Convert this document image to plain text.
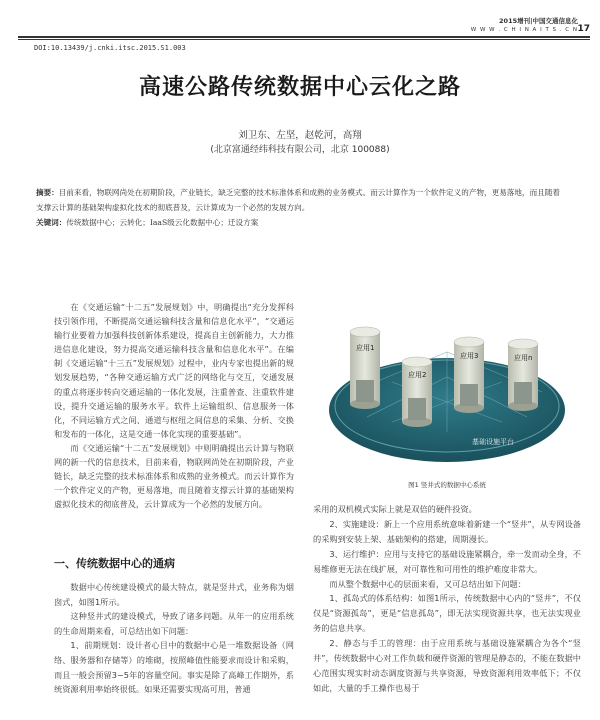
2015增刊|中国交通信息化
W W W . C H I N A I T S . C N 17
DOI:10.13439/j.cnki.itsc.2015.S1.003
高速公路传统数据中心云化之路
刘卫东、左坚，赵乾河，高翔
(北京富通经纬科技有限公司，北京 100088)
摘要：目前来看，物联网尚处在初期阶段，产业链长，缺乏完整的技术标准体系和成熟的业务模式。而云计算作为一个软件定义的产物，更易落地，而且随着支撑云计算的基础架构虚拟化技术的彻底普及，云计算成为一个必然的发展方向。
关键词：传统数据中心；云转化；IaaS级云化数据中心；迁设方案

在《交通运输“十二五”发展规划》中，明确提出“充分发挥科技引领作用，不断提高交通运输科技含量和信息化水平”，“交通运输行业要着力加强科技创新体系建设，提高自主创新能力，大力推进信息化建设，努力提高交通运输科技含量和信息化水平”。在编制《交通运输“十三五”发展规划》过程中，业内专家也提出新的规划发展趋势，“各种交通运输方式广泛的网络化与交互，交通发展的重点将逐步转向交通运输的一体化发展，注重普查、注重软件建设，提升交通运输的服务水平。软件上运输组织、信息服务一体化，不同运输方式之间、通道与枢纽之间信息的采集、分析、交换和发布的一体化，这是交通一体化实现的重要基础”。

而《交通运输“十二五”发展规划》中则明确提出云计算与物联网的新一代的信息技术，目前来看，物联网尚处在初期阶段，产业链长，缺乏完整的技术标准体系和成熟的业务模式。而云计算作为一个软件定义的产物，更易落地，而且随着支撑云计算的基础架构虚拟化技术的彻底普及，云计算成为一个必然的发展方向。

一、传统数据中心的通病

数据中心传统建设模式的最大特点，就是竖井式，业务称为烟囱式，如图1所示。

这种竖井式的建设模式，导致了诸多问题。从年一的应用系统的生命周期来看，可总结出如下问题：

1、前期规划：设计者心目中的数据中心是一堆数据设备（网络、服务器和存储等）的堆砌，按照峰值性能要求而设计和采购，而且一般会预留3~5年的容量空间。事实是除了高峰工作期外，系统资源利用率始终很低。如果还需要实现高可用，普通

应用1
应用2
应用3	应用n
基础设施平台
图1 竖井式的数据中心系统

采用的双机模式实际上就是双倍的硬件投资。

2、实施建设：新上一个应用系统意味着新建一个“竖井”，从专网设备的采购到安装上架、基础架构的搭建，周期漫长。

3、运行维护：应用与支持它的基础设施紧耦合，牵一发而动全身，不易维修更无法在线扩展，对可靠性和可用性的维护难度非常大。

而从整个数据中心的层面来看，又可总结出如下问题：

1、孤岛式的体系结构：如图1所示，传统数据中心内的“竖井”，不仅仅是“资源孤岛”，更是“信息孤岛”，即无法实现资源共享，也无法实现业务的信息共享。

2、静态与手工的管理：由于应用系统与基础设施紧耦合为各个“竖井”，传统数据中心对工作负载和硬件资源的管理是静态的，不能在数据中心范围实现实时动态调度资源与共享资源，导致资源利用效率低下；不仅如此，大量的手工操作也易于
